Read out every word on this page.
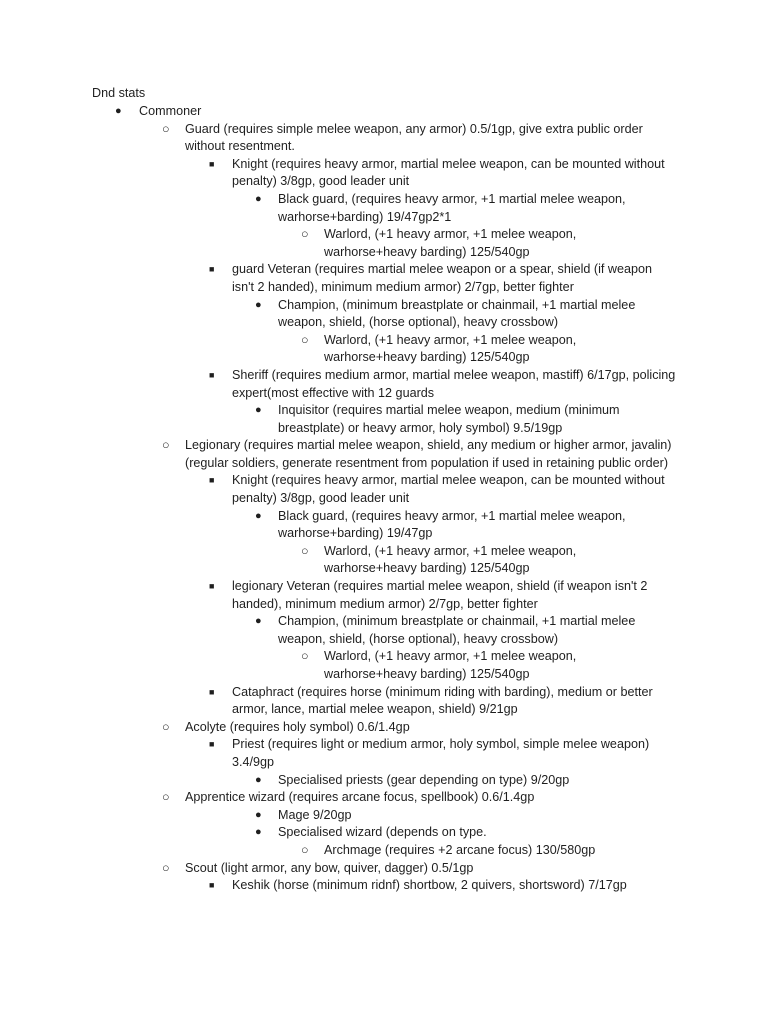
Dnd stats
● Commoner
○ Guard (requires simple melee weapon, any armor) 0.5/1gp, give extra public order without resentment.
■ Knight (requires heavy armor, martial melee weapon, can be mounted without penalty) 3/8gp, good leader unit
● Black guard, (requires heavy armor, +1 martial melee weapon, warhorse+barding) 19/47gp2*1
○ Warlord, (+1 heavy armor, +1 melee weapon, warhorse+heavy barding) 125/540gp
■ guard Veteran (requires martial melee weapon or a spear, shield (if weapon isn't 2 handed), minimum medium armor) 2/7gp, better fighter
● Champion, (minimum breastplate or chainmail, +1 martial melee weapon, shield, (horse optional), heavy crossbow)
○ Warlord, (+1 heavy armor, +1 melee weapon, warhorse+heavy barding) 125/540gp
■ Sheriff (requires medium armor, martial melee weapon, mastiff) 6/17gp, policing expert(most effective with 12 guards
● Inquisitor (requires martial melee weapon, medium (minimum breastplate) or heavy armor, holy symbol) 9.5/19gp
○ Legionary (requires martial melee weapon, shield, any medium or higher armor, javalin) (regular soldiers, generate resentment from population if used in retaining public order)
■ Knight (requires heavy armor, martial melee weapon, can be mounted without penalty) 3/8gp, good leader unit
● Black guard, (requires heavy armor, +1 martial melee weapon, warhorse+barding) 19/47gp
○ Warlord, (+1 heavy armor, +1 melee weapon, warhorse+heavy barding) 125/540gp
■ legionary Veteran (requires martial melee weapon, shield (if weapon isn't 2 handed), minimum medium armor) 2/7gp, better fighter
● Champion, (minimum breastplate or chainmail, +1 martial melee weapon, shield, (horse optional), heavy crossbow)
○ Warlord, (+1 heavy armor, +1 melee weapon, warhorse+heavy barding) 125/540gp
■ Cataphract (requires horse (minimum riding with barding), medium or better armor, lance, martial melee weapon, shield) 9/21gp
○ Acolyte (requires holy symbol) 0.6/1.4gp
■ Priest (requires light or medium armor, holy symbol, simple melee weapon) 3.4/9gp
● Specialised priests (gear depending on type) 9/20gp
○ Apprentice wizard (requires arcane focus, spellbook) 0.6/1.4gp
● Mage 9/20gp
● Specialised wizard (depends on type.
○ Archmage (requires +2 arcane focus) 130/580gp
○ Scout (light armor, any bow, quiver, dagger) 0.5/1gp
■ Keshik (horse (minimum ridnf) shortbow, 2 quivers, shortsword) 7/17gp
